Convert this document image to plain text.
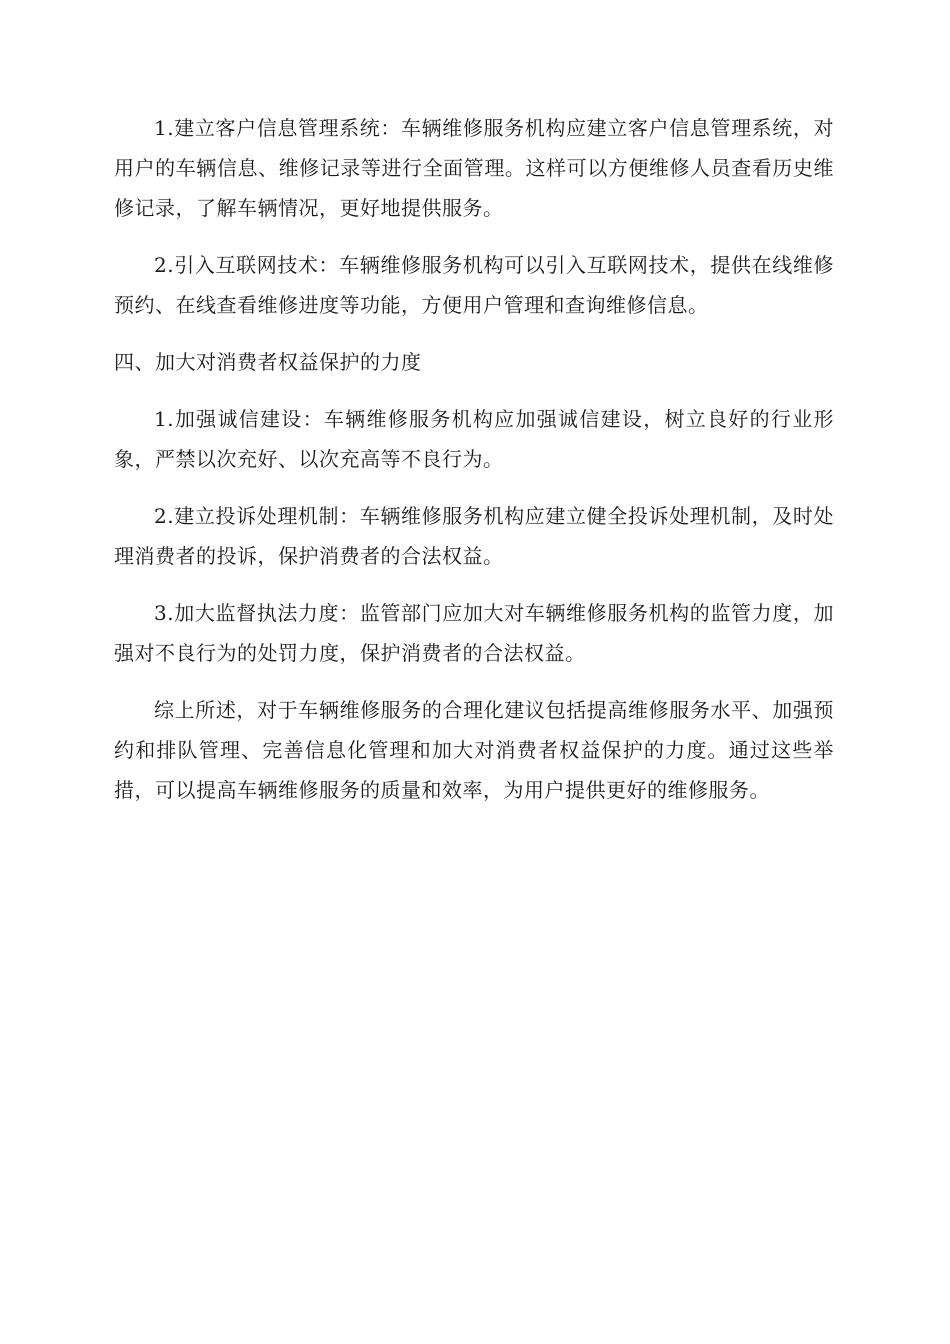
1.建立客户信息管理系统：车辆维修服务机构应建立客户信息管理系统，对用户的车辆信息、维修记录等进行全面管理。这样可以方便维修人员查看历史维修记录，了解车辆情况，更好地提供服务。

2.引入互联网技术：车辆维修服务机构可以引入互联网技术，提供在线维修预约、在线查看维修进度等功能，方便用户管理和查询维修信息。

四、加大对消费者权益保护的力度

1.加强诚信建设：车辆维修服务机构应加强诚信建设，树立良好的行业形象，严禁以次充好、以次充高等不良行为。

2.建立投诉处理机制：车辆维修服务机构应建立健全投诉处理机制，及时处理消费者的投诉，保护消费者的合法权益。

3.加大监督执法力度：监管部门应加大对车辆维修服务机构的监管力度，加强对不良行为的处罚力度，保护消费者的合法权益。

综上所述，对于车辆维修服务的合理化建议包括提高维修服务水平、加强预约和排队管理、完善信息化管理和加大对消费者权益保护的力度。通过这些举措，可以提高车辆维修服务的质量和效率，为用户提供更好的维修服务。
